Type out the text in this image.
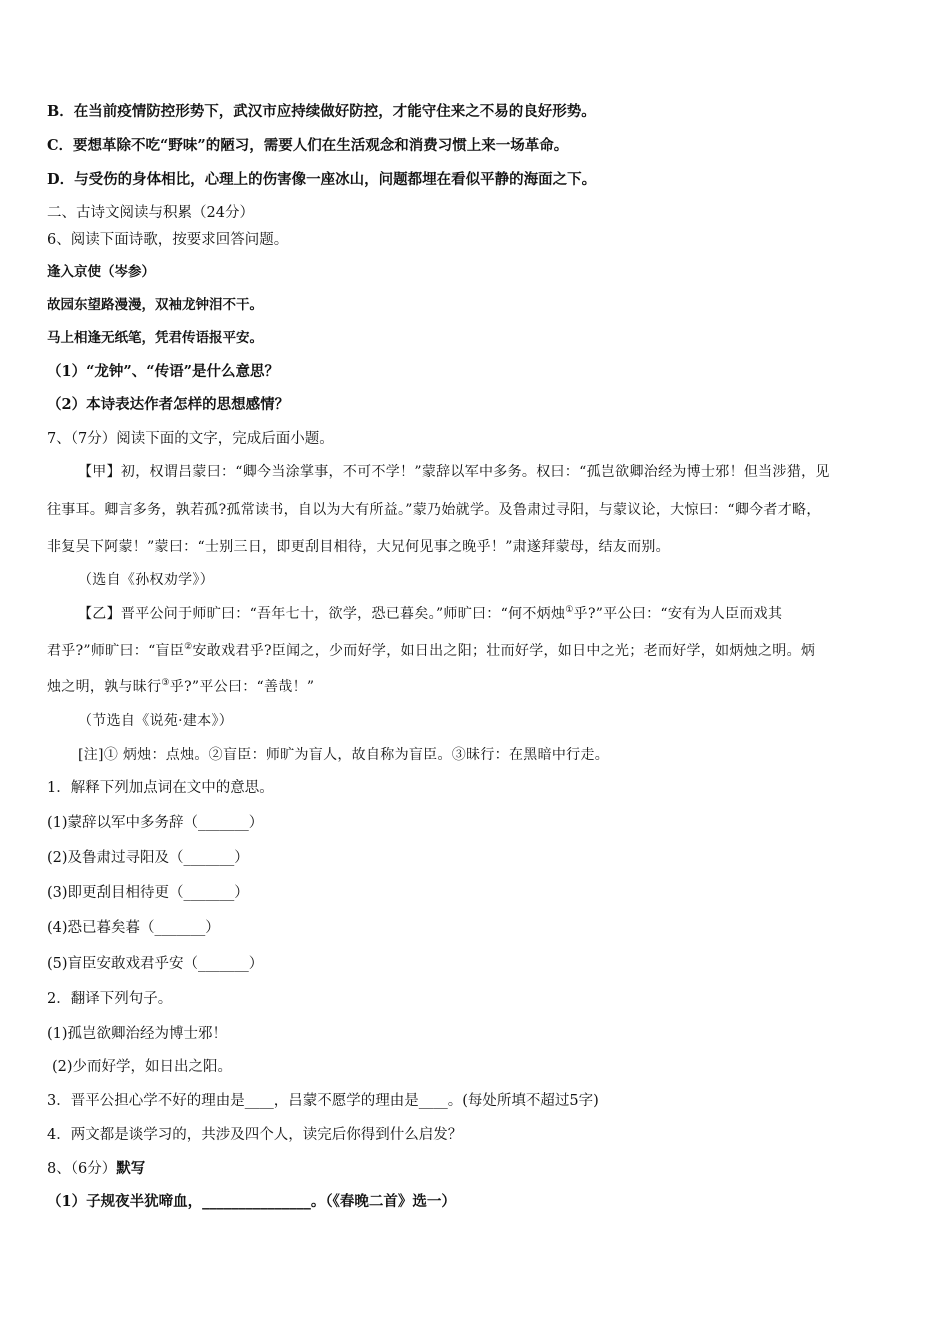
B．在当前疫情防控形势下，武汉市应持续做好防控，才能守住来之不易的良好形势。
C．要想革除不吃“野味”的陋习，需要人们在生活观念和消费习惯上来一场革命。
D．与受伤的身体相比，心理上的伤害像一座冰山，问题都埋在看似平静的海面之下。
二、古诗文阅读与积累（24分）
6、阅读下面诗歌，按要求回答问题。
逢入京使（岑参）
故园东望路漫漫，双袖龙钟泪不干。
马上相逢无纸笔，凭君传语报平安。
（1）“龙钟”、“传语”是什么意思？
（2）本诗表达作者怎样的思想感情？
7、（7分）阅读下面的文字，完成后面小题。
【甲】初，权谓吕蒙曰：“卿今当涂掌事，不可不学！”蒙辞以军中多务。权曰：“孤岂欲卿治经为博士邪！但当涉猎，见
往事耳。卿言多务，孰若孤?孤常读书，自以为大有所益。”蒙乃始就学。及鲁肃过寻阳，与蒙议论，大惊曰：“卿今者才略，
非复吴下阿蒙！”蒙曰：“士别三日，即更刮目相待，大兄何见事之晚乎！”肃遂拜蒙母，结友而别。
（选自《孙权劝学》）
【乙】晋平公问于师旷曰：“吾年七十，欲学，恐已暮矣。”师旷曰：“何不炳烛①乎?”平公曰：“安有为人臣而戏其
君乎?”师旷曰：“盲臣②安敢戏君乎?臣闻之，少而好学，如日出之阳；壮而好学，如日中之光；老而好学，如炳烛之明。炳
烛之明，孰与昧行③乎?”平公曰：“善哉！”
（节选自《说苑·建本》）
[注]① 炳烛：点烛。②盲臣：师旷为盲人，故自称为盲臣。③昧行：在黑暗中行走。
1．解释下列加点词在文中的意思。
(1)蒙辞以军中多务辞（_______）
(2)及鲁肃过寻阳及（_______）
(3)即更刮目相待更（_______）
(4)恐已暮矣暮（_______）
(5)盲臣安敢戏君乎安（_______）
2．翻译下列句子。
(1)孤岂欲卿治经为博士邪！
(2)少而好学，如日出之阳。
3．晋平公担心学不好的理由是____，吕蒙不愿学的理由是____。(每处所填不超过5字)
4．两文都是谈学习的，共涉及四个人，读完后你得到什么启发？
8、（6分）默写
（1）子规夜半犹啼血，_______________。（《春晚二首》选一）
